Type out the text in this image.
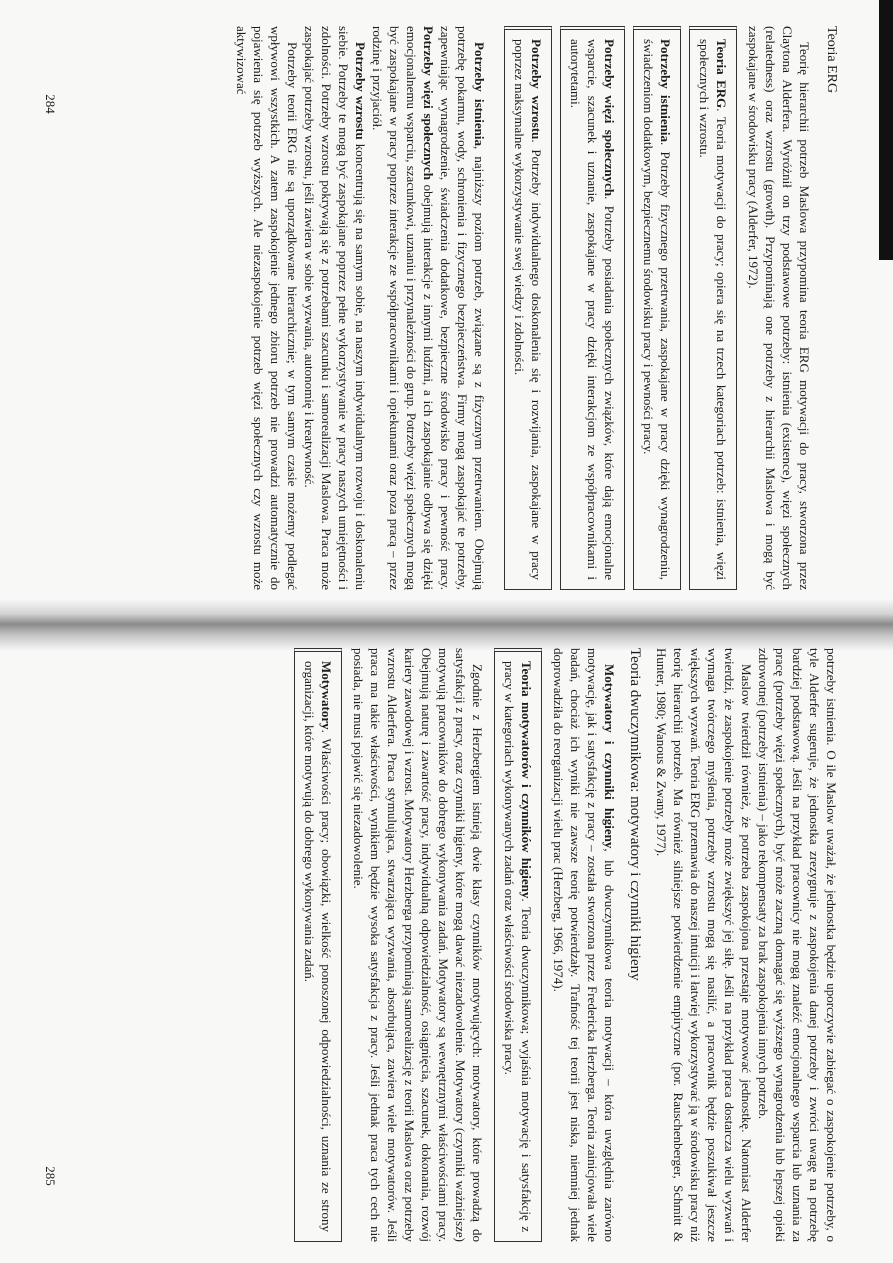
Teoria ERG

Teorię hierarchii potrzeb Maslowa przypomina teoria ERG motywacji do pracy, stworzona przez Claytona Alderfera. Wyróżnił on trzy podstawowe potrzeby: istnienia (existence), więzi społecznych (relatedness) oraz wzrostu (growth). Przypominają one potrzeby z hierarchii Maslowa i mogą być zaspokajane w środowisku pracy (Alderfer, 1972).

Teoria ERG. Teoria motywacji do pracy; opiera się na trzech kategoriach potrzeb: istnienia, więzi społecznych i wzrostu.
Potrzeby istnienia. Potrzeby fizycznego przetrwania, zaspokajane w pracy dzięki wynagrodzeniu, świadczeniom dodatkowym, bezpiecznemu środowisku pracy i pewności pracy.
Potrzeby więzi społecznych. Potrzeby posiadania społecznych związków, które dają emocjonalne wsparcie, szacunek i uznanie, zaspokajane w pracy dzięki interakcjom ze współpracownikami i autorytetami.
Potrzeby wzrostu. Potrzeby indywidualnego doskonalenia się i rozwijania, zaspokajane w pracy poprzez maksymalne wykorzystywanie swej wiedzy i zdolności.

Potrzeby istnienia, najniższy poziom potrzeb, związane są z fizycznym przetrwaniem. Obejmują potrzebę pokarmu, wody, schronienia i fizycznego bezpieczeństwa. Firmy mogą zaspokajać te potrzeby, zapewniając wynagrodzenie, świadczenia dodatkowe, bezpieczne środowisko pracy i pewność pracy. Potrzeby więzi społecznych obejmują interakcje z innymi ludźmi, a ich zaspokajanie odbywa się dzięki emocjonalnemu wsparciu, szacunkowi, uznaniu i przynależności do grup. Potrzeby więzi społecznych mogą być zaspokajane w pracy poprzez interakcje ze współpracownikami i opiekunami oraz poza pracą – przez rodzinę i przyjaciół.

Potrzeby wzrostu koncentrują się na samym sobie, na naszym indywidualnym rozwoju i doskonaleniu siebie. Potrzeby te mogą być zaspokajane poprzez pełne wykorzystywanie w pracy naszych umiejętności i zdolności. Potrzeby wzrostu pokrywają się z potrzebami szacunku i samorealizacji Maslowa. Praca może zaspokajać potrzeby wzrostu, jeśli zawiera w sobie wyzwania, autonomię i kreatywność.

Potrzeby teorii ERG nie są uporządkowane hierarchicznie; w tym samym czasie możemy podlegać wpływowi wszystkich. A zatem zaspokojenie jednego zbioru potrzeb nie prowadzi automatycznie do pojawienia się potrzeb wyższych. Ale niezaspokojenie potrzeb więzi społecznych czy wzrostu może aktywizować

284

potrzeby istnienia. O ile Maslow uważał, że jednostka będzie uporczywie zabiegać o zaspokojenie potrzeby, o tyle Alderfer sugeruje, że jednostka zrezygnuje z zaspokojenia danej potrzeby i zwróci uwagę na potrzebę bardziej podstawową. Jeśli na przykład pracownicy nie mogą znaleźć emocjonalnego wsparcia lub uznania za pracę (potrzeby więzi społecznych), być może zaczną domagać się wyższego wynagrodzenia lub lepszej opieki zdrowotnej (potrzeby istnienia) – jako rekompensaty za brak zaspokojenia innych potrzeb.

Maslow twierdził również, że potrzeba zaspokojona przestaje motywować jednostkę. Natomiast Alderfer twierdzi, że zaspokojenie potrzeby może zwiększyć jej siłę. Jeśli na przykład praca dostarcza wielu wyzwań i wymaga twórczego myślenia, potrzeby wzrostu mogą się nasilić, a pracownik będzie poszukiwał jeszcze większych wyzwań. Teoria ERG przemawia do naszej intuicji i łatwiej wykorzystywać ją w środowisku pracy niż teorię hierarchii potrzeb. Ma również silniejsze potwierdzenie empiryczne (por. Rauschenberger, Schmitt & Hunter, 1980; Wanous & Zwany, 1977).

Teoria dwuczynnikowa: motywatory i czynniki higieny

Motywatory i czynniki higieny, lub dwuczynnikowa teoria motywacji – która uwzględnia zarówno motywację, jak i satysfakcję z pracy – została stworzona przez Fredericka Herzberga. Teoria zainicjowała wiele badań, chociaż ich wyniki nie zawsze teorię potwierdzały. Trafność tej teorii jest niska, niemniej jednak doprowadziła do reorganizacji wielu prac (Herzberg, 1966, 1974).

Teoria motywatorów i czynników higieny. Teoria dwuczynnikowa; wyjaśnia motywację i satysfakcję z pracy w kategoriach wykonywanych zadań oraz właściwości środowiska pracy.

Zgodnie z Herzbergiem istnieją dwie klasy czynników motywujących: motywatory, które prowadzą do satysfakcji z pracy, oraz czynniki higieny, które mogą dawać niezadowolenie. Motywatory (czynniki ważniejsze) motywują pracowników do dobrego wykonywania zadań. Motywatory są wewnętrznymi właściwościami pracy. Obejmują naturę i zawartość pracy, indywidualną odpowiedzialność, osiągnięcia, szacunek, dokonania, rozwój kariery zawodowej i wzrost. Motywatory Herzberga przypominają samorealizację z teorii Maslowa oraz potrzeby wzrostu Alderfera. Praca stymulująca, stwarzająca wyzwania, absorbująca, zawiera wiele motywatorów. Jeśli praca ma takie właściwości, wynikiem będzie wysoka satysfakcja z pracy. Jeśli jednak praca tych cech nie posiada, nie musi pojawić się niezadowolenie.

Motywatory. Właściwości pracy; obowiązki, wielkość ponoszonej odpowiedzialności, uznania ze strony organizacji, które motywują do dobrego wykonywania zadań.
285
